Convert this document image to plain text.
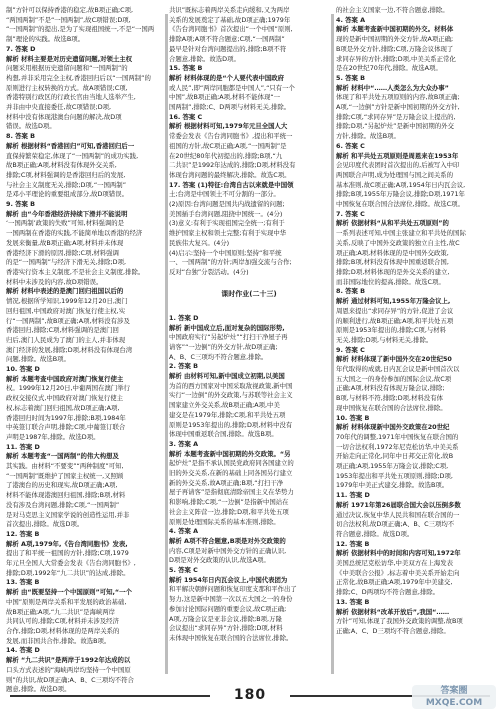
制”方针可以保持香港的稳定,故B项正确;C项,
“两国两制”不是“一国两制”,故C项错误;D项,
“一国两制”的提出,是为了实现祖国统一,不是“一国两
制”理论的实践。故选B项。
7. 答案 D
解析 材料主要是对历史遗留问题,对领土主权
问题采用根据历史遗留问题和“一国两制”的
构想,并非采用完全主权,香港回归后以“一国两制”的
原则进行主权转换的方式。故A项错误;C项,
香港特别行政区的行政长官由当地人选举产生,
并非由中央直接委任,故C项错误;D项,
材料中没有体现港澳台问题的解决,故D项
错误。故选D项。
8. 答案 B
解析 根据材料“香港回归”可知,香港回归后一
直保持繁荣稳定,体现了“一国两制”的成功实践,
故B项正确;A项,材料没有体现外交关系,
排除;C项,材料强调的是香港回归后的发展,
与社会主义制度无关,排除;D项,“一国两制”
是邓小平理论的重要组成部分,故D项错误。
9. 答案 B
解析 由“今年香港经济持续下滑并不能说明
‘一国两制’政策的失败”可知,材料强调的是
一国两制在香港的实践,不能简单地以香港的经济
发展来衡量,故B项正确;A项,材料并未体现
香港经济下滑的原因,排除;C项,材料强调
的是“一国两制”与经济下滑无关,排除;D项,
香港实行资本主义制度,不是社会主义制度,排除。
材料中未涉及的内容,故D项错误。
解析 材料中表述的是澳门回归祖国以后的
情况,根据所学知识,1999年12月20日,澳门
回归祖国,中国政府对澳门恢复行使主权,实
行“一国两制”,故B项正确;A项,材料没有涉及
香港回归,排除;C项,材料强调的是澳门回
归后,澳门人民成为了澳门的主人,并非体现
澳门经济的发展,排除;D项,材料没有体现台湾
问题,排除。故选B项。
10. 答案 D
解析 本题考查中国政府对澳门恢复行使主
权。1999年12月20日,中葡两国在澳门举行
政权交接仪式,中国政府对澳门恢复行使主
权,标志着澳门回归祖国,故D项正确;A项,
香港回归时间为1997年,排除;B项,1984年
中英签订联合声明,排除;C项,中葡签订联合
声明是1987年,排除。故选D项。
11. 答案 D
解析 本题考查“一国两制”的伟大构想及
其实践。由材料“不要变”“两种制度”可知,
“一国两制”既维护了国家主权统一,又照顾
了港澳台的历史和现实,故D项正确;A项,
材料不能体现港澳回归祖国,排除;B项,材料
没有涉及台湾问题,排除;C项,“一国两制”
是对马克思主义国家学说的创造性运用,并非
首次提出,排除。故选D项。
12. 答案 B
解析 A项,1979年,《告台湾同胞书》发表,
提出了和平统一祖国的方针,排除;C项,1979
年元旦全国人大常委会发表《告台湾同胞书》,
排除;D项,1992年“九二共识”的达成,排除。
13. 答案 B
解析 由“既要坚持一个中国原则”可知,“一个
中国”原则是两岸关系和平发展的政治基础,
故B项正确;A项,“九二共识”是海峡两岸
共同认可的,排除;C项,材料并未涉及经济
合作,排除;D项,材料体现的是两岸关系的
发展,而非国共合作,排除。故选B项。
14. 答案 D
解析 “九二共识”是两岸于1992年达成的以
口头方式表述的“海峡两岸均坚持一个中国原
则”的共识,故D项正确;A、B、C三项均不符合
题意,排除。故选D项。
共识”既标志着两岸关系走向缓和,又为两岸
关系的发展奠定了基础,故D项正确;1979年
《告台湾同胞书》首次提出“一个中国”原则,
排除A项;A项不符合题意;C项,“一国两制”
最早是针对台湾问题提出的,排除;B项不符
合题意,排除。故选D项。
15. 答案 B
解析 材料体现的是“个人要代表中国政府
或人民”,即“两岸同胞都是中国人”,“只有一个
中国”,故B项正确;A项,材料不能体现“一
国两制”,排除;C、D两项与材料无关,排除。
16. 答案 C
解析 根据材料可知,1979年元旦全国人大
常委会发表《告台湾同胞书》,提出和平统一
祖国的方针,故C项正确;A项,“一国两制”是
在20世纪80年代初提出的,排除;B项,“九
二共识”是1992年达成的,排除;D项,材料没有
体现台湾问题的最终解决,排除。故选C项。
17. 答案 (1)特征:台湾自古以来就是中国领
土;台湾是中国领土不可分割的一部分。
(2)原因:台湾问题是国共内战遗留的问题;
美国插手台湾问题,阻挠中国统一。(4分)
(3)意义:有利于实现祖国完全统一;有利于
维护国家主权和领土完整;有利于实现中华
民族伟大复兴。(4分)
(4)启示:坚持一个中国原则;坚持“和平统
一、一国两制”的方针;两岸加强交流与合作;
反对“台独”分裂活动。(4分)

课时作业(二十三)

1. 答案 D
解析 新中国成立后,面对复杂的国际形势,
中国政府实行“另起炉灶”“打扫干净屋子再
请客”“一边倒”的外交方针,故D项正确;
A、B、C三项均不符合题意,排除。
2. 答案 B
解析 由材料可知,新中国成立初期,以美国
为首的西方国家对中国采取敌视政策,新中国
实行“一边倒”的外交政策,与苏联等社会主义
国家建立外交关系,故B项正确;A项,中美
建交是在1979年,排除;C项,和平共处五项
原则是1953年提出的,排除;D项,材料中没有
体现中国重返联合国,排除。故选B项。
3. 答案 A
解析 本题考查新中国初期的外交政策。“另
起炉灶”是指不承认国民党政府同各国建立的
旧的外交关系,在新的基础上同各国另行建立
新的外交关系,故A项正确;B项,“打扫干净
屋子再请客”是指彻底清除帝国主义在华势力
和影响,排除;C项,“一边倒”是指新中国站在
社会主义阵营一边,排除;D项,和平共处五项
原则是处理国际关系的基本准则,排除。
4. 答案 A
解析 A项不符合题意,B项是对外交政策的
内容,C项是对新中国外交方针的正确认识,
D项是对外交政策的认识,故选A项。
5. 答案 C
解析 1954年日内瓦会议上,中国代表团为
和平解决朝鲜问题和恢复印度支那和平作出了
努力,这是新中国第一次以五大国之一的身份
参加讨论国际问题的重要会议,故C项正确;
A项,万隆会议是亚非会议,排除;B项,万隆
会议提出“求同存异”方针,排除;D项,材料
未体现中国恢复在联合国的合法席位,排除。
的社会主义国家一边,不符合题意,排除。
4. 答案 A
解析 本题考查新中国初期的外交。材料体
现的是新中国初期的外交方针,故A项正确;
B项是外交方针,排除;C项,万隆会议体现了
求同存异的方针,排除;D项,中美关系正常化
是在20世纪70年代,排除。故选A项。
5. 答案 B
解析 材料中“……人类怎么为大众办事”
体现了和平共处五项原则的内容,故B项正确;
A项,“一边倒”方针是新中国初期的外交方针,
排除;C项,“求同存异”是万隆会议上提出的,
排除;D项,“另起炉灶”是新中国初期的外交
方针,排除。故选B项。
6. 答案 C
解析 和平共处五项原则是周恩来在1953年
会见印度代表团时首次提出的,后被写入中印
两国联合声明,成为处理国与国之间关系的
基本准则,故C项正确;A项,1954年日内瓦会议,
排除;B项,1955年万隆会议,排除;D项,1971年
中国恢复在联合国合法席位,排除。故选C项。
7. 答案 C
解析 依据材料“从和平共处五项原则”的
一系列表述可知,中国主张建立和平共处的国际
关系,反映了中国外交政策的独立自主性,故C
项正确;A项,材料体现的是中国外交政策,
排除;B项,材料没有体现中国重返联合国,
排除;D项,材料体现的是外交关系的建立,
而非国际地位的提高,排除。故选C项。
8. 答案 B
解析 通过材料可知,1955年万隆会议上,
周恩来提出“求同存异”的方针,促进了会议
的顺利进行,故B项正确;A项,和平共处五项
原则是1953年提出的,排除;C项,与材料
无关,排除;D项,与材料无关,排除。
9. 答案 C
解析 材料体现了新中国外交在20世纪50
年代取得的成就,日内瓦会议是新中国首次以
五大国之一的身份参加的国际会议,故C项
正确;A项,材料没有体现万隆会议,排除;
B项,与材料不符,排除;D项,材料没有体
现中国恢复在联合国的合法席位,排除。
10. 答案 B
解析 材料体现新中国外交政策在20世纪
70年代的调整,1971年中国恢复在联合国的
一切合法权利,1972年尼克松访华,中美关系
开始走向正常化,同年中日邦交正常化,故B
项正确;A项,1955年万隆会议,排除;C项,
1953年提出和平共处五项原则,排除;D项,
1979年中美正式建交,排除。故选B项。
11. 答案 D
解析 1971年第26届联合国大会以压倒多数
通过决议,恢复中华人民共和国在联合国的一
切合法权利,故D项正确;A、B、C三项均不
符合题意,排除。故选D项。
12. 答案 B
解析 依据材料中的时间和内容可知,1972年
美国总统尼克松访华,中美双方在上海发表
《中美联合公报》,标志着中美关系开始走向
正常化,故B项正确;A项,1979年中美建交,
排除;C、D两项均不符合题意,排除。
13. 答案 B
解析 依据材料“改革开放后”,我国“……
方针”可知,体现了我国外交政策的调整,故B项
正确;A、C、D三项均不符合题意,排除。
180	答案圈
MXQE.COM
